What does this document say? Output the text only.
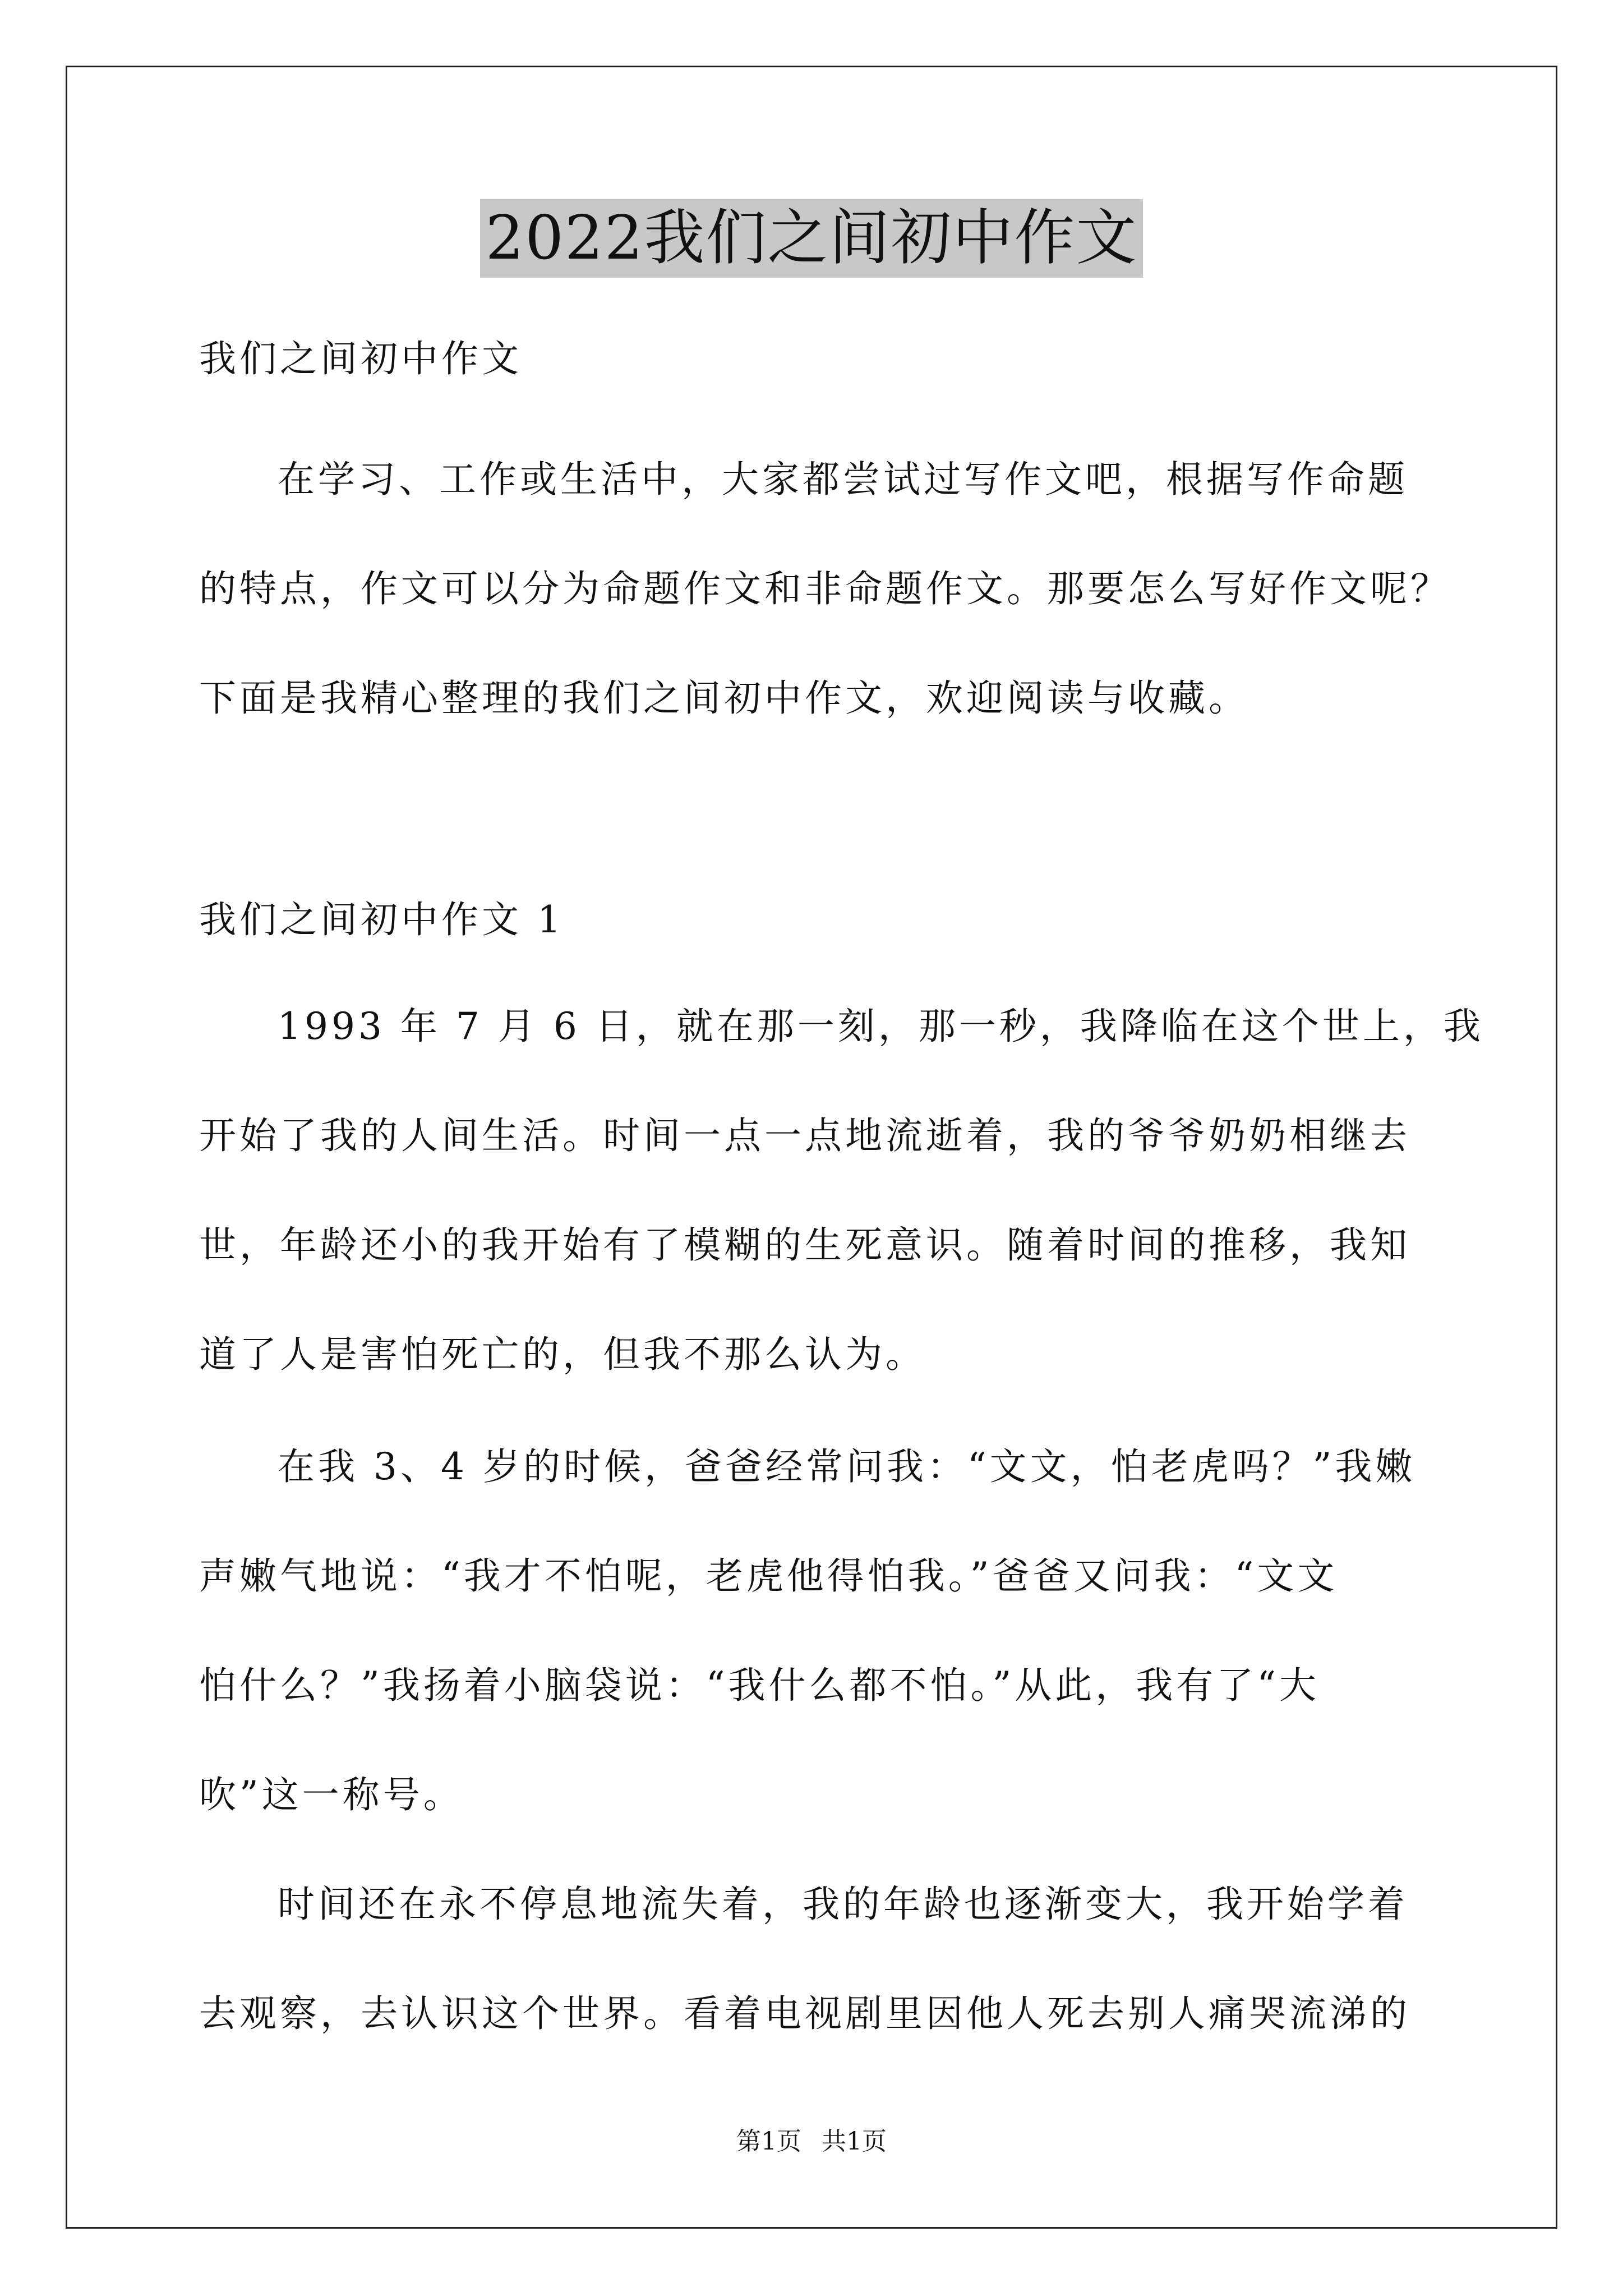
2022我们之间初中作文
我们之间初中作文
在学习、工作或生活中，大家都尝试过写作文吧，根据写作命题
的特点，作文可以分为命题作文和非命题作文。那要怎么写好作文呢？
下面是我精心整理的我们之间初中作文，欢迎阅读与收藏。
我们之间初中作文 1
1993 年 7 月 6 日，就在那一刻，那一秒，我降临在这个世上，我
开始了我的人间生活。时间一点一点地流逝着，我的爷爷奶奶相继去
世，年龄还小的我开始有了模糊的生死意识。随着时间的推移，我知
道了人是害怕死亡的，但我不那么认为。
在我 3、4 岁的时候，爸爸经常问我：“文文，怕老虎吗？”我嫩
声嫩气地说：“我才不怕呢，老虎他得怕我。”爸爸又问我：“文文
怕什么？”我扬着小脑袋说：“我什么都不怕。”从此，我有了“大
吹”这一称号。
时间还在永不停息地流失着，我的年龄也逐渐变大，我开始学着
去观察，去认识这个世界。看着电视剧里因他人死去别人痛哭流涕的
第1页 共1页
